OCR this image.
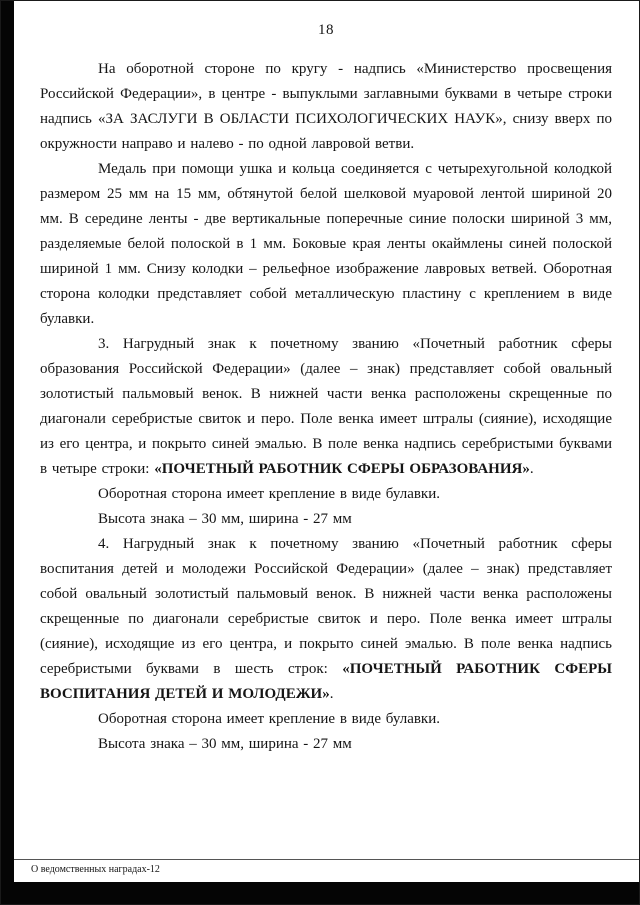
18

На оборотной стороне по кругу - надпись «Министерство просвещения Российской Федерации», в центре - выпуклыми заглавными буквами в четыре строки надпись «ЗА ЗАСЛУГИ В ОБЛАСТИ ПСИХОЛОГИЧЕСКИХ НАУК», снизу вверх по окружности направо и налево - по одной лавровой ветви.

Медаль при помощи ушка и кольца соединяется с четырехугольной колодкой размером 25 мм на 15 мм, обтянутой белой шелковой муаровой лентой шириной 20 мм. В середине ленты - две вертикальные поперечные синие полоски шириной 3 мм, разделяемые белой полоской в 1 мм. Боковые края ленты окаймлены синей полоской шириной 1 мм. Снизу колодки – рельефное изображение лавровых ветвей. Оборотная сторона колодки представляет собой металлическую пластину с креплением в виде булавки.

3. Нагрудный знак к почетному званию «Почетный работник сферы образования Российской Федерации» (далее – знак) представляет собой овальный золотистый пальмовый венок. В нижней части венка расположены скрещенные по диагонали серебристые свиток и перо. Поле венка имеет штралы (сияние), исходящие из его центра, и покрыто синей эмалью. В поле венка надпись серебристыми буквами в четыре строки: «ПОЧЕТНЫЙ РАБОТНИК СФЕРЫ ОБРАЗОВАНИЯ».

Оборотная сторона имеет крепление в виде булавки.

Высота знака – 30 мм, ширина - 27 мм

4. Нагрудный знак к почетному званию «Почетный работник сферы воспитания детей и молодежи Российской Федерации» (далее – знак) представляет собой овальный золотистый пальмовый венок. В нижней части венка расположены скрещенные по диагонали серебристые свиток и перо. Поле венка имеет штралы (сияние), исходящие из его центра, и покрыто синей эмалью. В поле венка надпись серебристыми буквами в шесть строк: «ПОЧЕТНЫЙ РАБОТНИК СФЕРЫ ВОСПИТАНИЯ ДЕТЕЙ И МОЛОДЕЖИ».

Оборотная сторона имеет крепление в виде булавки.

Высота знака – 30 мм, ширина - 27 мм

О ведомственных наградах-12
